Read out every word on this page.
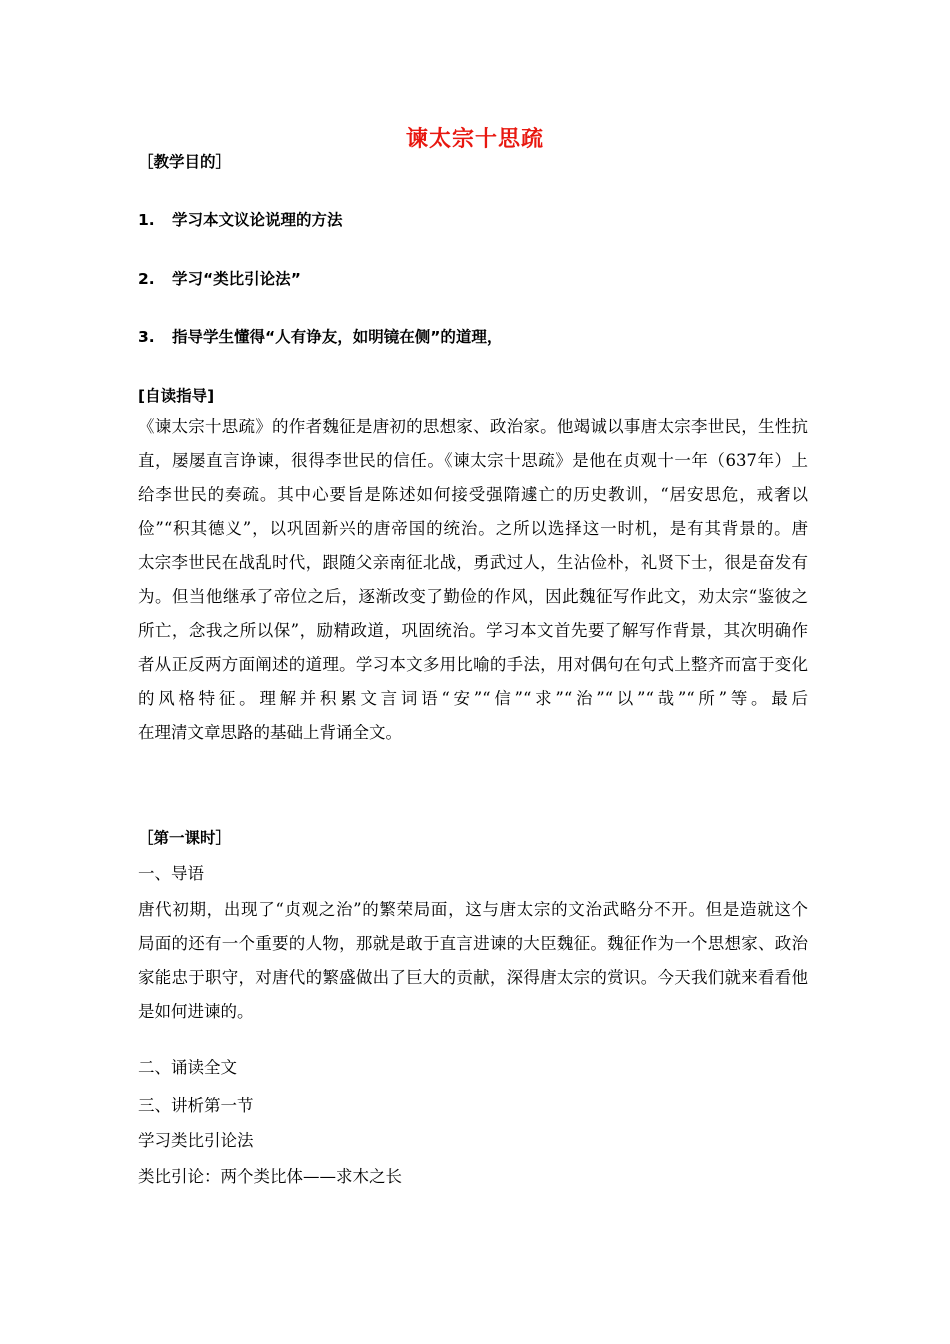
谏太宗十思疏
［教学目的］
1. 学习本文议论说理的方法
2. 学习“类比引论法”
3. 指导学生懂得“人有诤友，如明镜在侧”的道理，
[自读指导]
《谏太宗十思疏》的作者魏征是唐初的思想家、政治家。他竭诚以事唐太宗李世民，生性抗
直，屡屡直言诤谏，很得李世民的信任。《谏太宗十思疏》是他在贞观十一年（637年）上
给李世民的奏疏。其中心要旨是陈述如何接受强隋遽亡的历史教训，“居安思危，戒奢以
俭”“积其德义”，以巩固新兴的唐帝国的统治。之所以选择这一时机，是有其背景的。唐
太宗李世民在战乱时代，跟随父亲南征北战，勇武过人，生沾俭朴，礼贤下士，很是奋发有
为。但当他继承了帝位之后，逐渐改变了勤俭的作风，因此魏征写作此文，劝太宗“鉴彼之
所亡，念我之所以保”，励精政道，巩固统治。学习本文首先要了解写作背景，其次明确作
者从正反两方面阐述的道理。学习本文多用比喻的手法，用对偶句在句式上整齐而富于变化
的风格特征。理解并积累文言词语“安”“信”“求”“治”“以”“哉”“所”等。最后
在理清文章思路的基础上背诵全文。
［第一课时］
一、导语
唐代初期，出现了“贞观之治”的繁荣局面，这与唐太宗的文治武略分不开。但是造就这个
局面的还有一个重要的人物，那就是敢于直言进谏的大臣魏征。魏征作为一个思想家、政治
家能忠于职守，对唐代的繁盛做出了巨大的贡献，深得唐太宗的赏识。今天我们就来看看他
是如何进谏的。
二、诵读全文
三、讲析第一节
学习类比引论法
类比引论：两个类比体——求木之长
